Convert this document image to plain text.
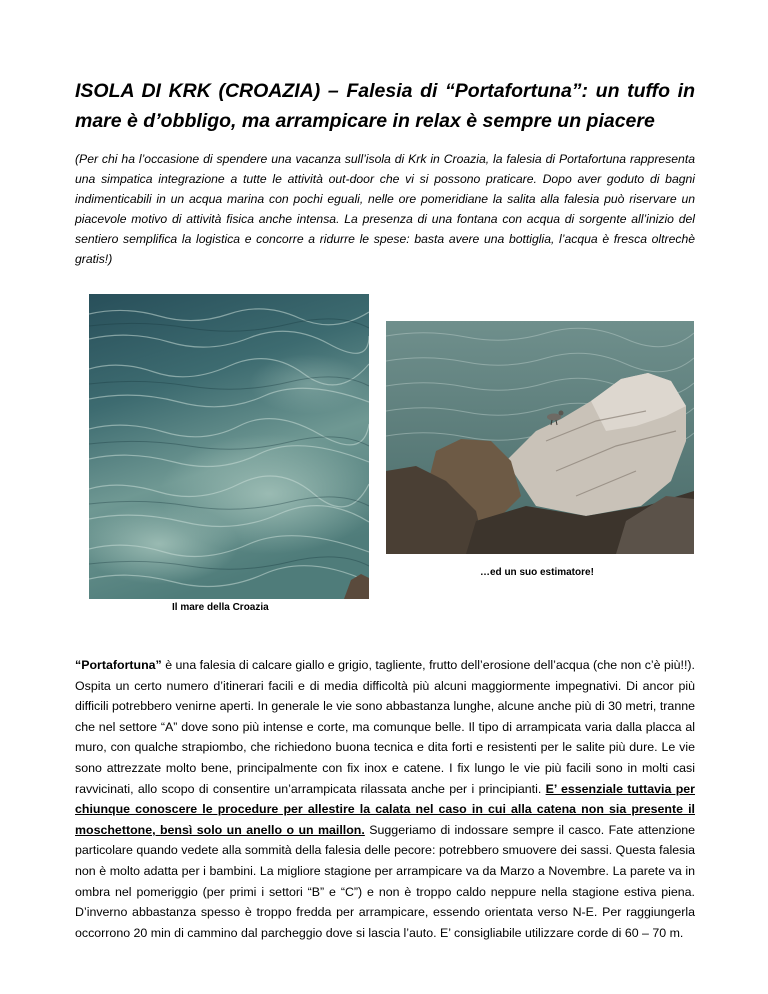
ISOLA DI KRK (CROAZIA) – Falesia di “Portafortuna”: un tuffo in mare è d’obbligo, ma arrampicare in relax è sempre un piacere

(Per chi ha l’occasione di spendere una vacanza sull’isola di Krk in Croazia, la falesia di Portafortuna rappresenta una simpatica integrazione a tutte le attività out-door che vi si possono praticare. Dopo aver goduto di bagni indimenticabili in un acqua marina con pochi eguali, nelle ore pomeridiane la salita alla falesia può riservare un piacevole motivo di attività fisica anche intensa. La presenza di una fontana con acqua di sorgente all’inizio del sentiero semplifica la logistica e concorre a ridurre le spese: basta avere una bottiglia, l’acqua è fresca oltrechè gratis!)

…ed un suo estimatore!

Il mare della Croazia

“Portafortuna” è una falesia di calcare giallo e grigio, tagliente, frutto dell’erosione dell’acqua (che non c’è più!!). Ospita un certo numero d’itinerari facili e di media difficoltà più alcuni maggiormente impegnativi. Di ancor più difficili potrebbero venirne aperti. In generale le vie sono abbastanza lunghe, alcune anche più di 30 metri, tranne che nel settore “A” dove sono più intense e corte, ma comunque belle. Il tipo di arrampicata varia dalla placca al muro, con qualche strapiombo, che richiedono buona tecnica e dita forti e resistenti per le salite più dure. Le vie sono attrezzate molto bene, principalmente con fix inox e catene. I fix lungo le vie più facili sono in molti casi ravvicinati, allo scopo di consentire un’arrampicata rilassata anche per i principianti. E’ essenziale tuttavia per chiunque conoscere le procedure per allestire la calata nel caso in cui alla catena non sia presente il moschettone, bensì solo un anello o un maillon. Suggeriamo di indossare sempre il casco. Fate attenzione particolare quando vedete alla sommità della falesia delle pecore: potrebbero smuovere dei sassi. Questa falesia non è molto adatta per i bambini. La migliore stagione per arrampicare va da Marzo a Novembre. La parete va in ombra nel pomeriggio (per primi i settori “B” e “C”) e non è troppo caldo neppure nella stagione estiva piena. D’inverno abbastanza spesso è troppo fredda per arrampicare, essendo orientata verso N-E. Per raggiungerla occorrono 20 min di cammino dal parcheggio dove si lascia l’auto. E’ consigliabile utilizzare corde di 60 – 70 m.
